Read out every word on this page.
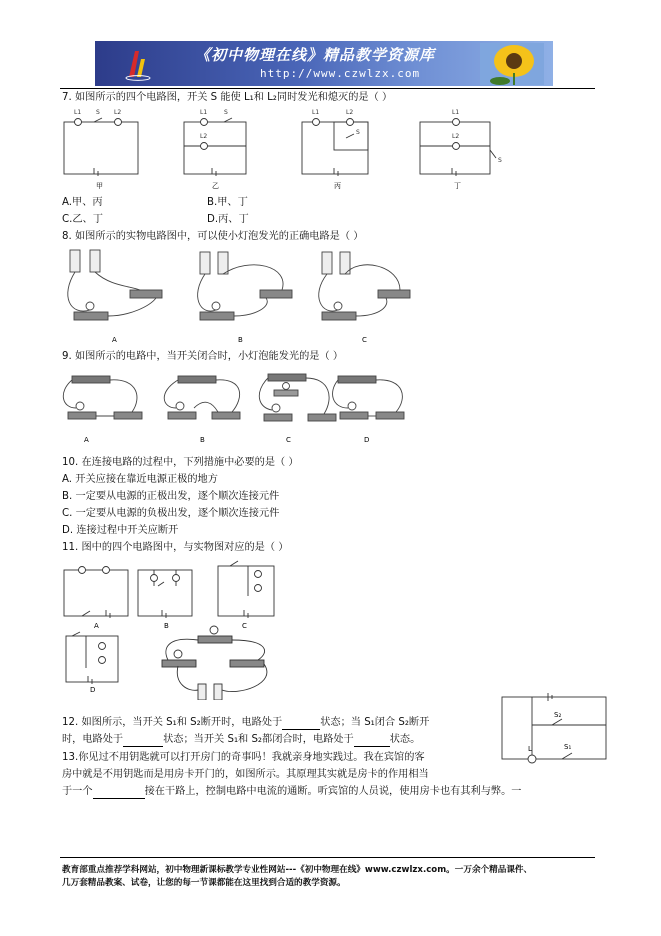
《初中物理在线》精品教学资源库
http://www.czwlzx.com
7. 如图所示的四个电路图，开关 S 能使 L₁和 L₂同时发光和熄灭的是（ ）
L1 S L2	L1	S
L2
L1	L2
S
L1
L2
S
甲	乙	丙	丁
A.甲、丙	B.甲、丁
C.乙、丁	D.丙、丁
8. 如图所示的实物电路图中，可以使小灯泡发光的正确电路是（ ）
A	B	C
9. 如图所示的电路中，当开关闭合时，小灯泡能发光的是（ ）
A	B	C	D
10. 在连接电路的过程中，下列措施中必要的是（ ）
A. 开关应接在靠近电源正极的地方
B. 一定要从电源的正极出发，逐个顺次连接元件
C. 一定要从电源的负极出发，逐个顺次连接元件
D. 连接过程中开关应断开
11. 图中的四个电路图中，与实物图对应的是（ ）
A	B	C
D
12. 如图所示，当开关 S₁和 S₂断开时，电路处于	状态；当 S₁闭合 S₂断开
时，电路处于	状态；当开关 S₁和 S₂都闭合时，电路处于	状态。
S₂
L	S₁
13.你见过不用钥匙就可以打开房门的奇事吗！我就亲身地实践过。我在宾馆的客
房中就是不用钥匙而是用房卡开门的，如图所示。其原理其实就是房卡的作用相当
于一个	接在干路上，控制电路中电流的通断。听宾馆的人员说，使用房卡也有其利与弊。一
教育部重点推荐学科网站，初中物理新课标教学专业性网站---《初中物理在线》www.czwlzx.com。一万余个精品课件、
几万套精品教案、试卷，让您的每一节课都能在这里找到合适的教学资源。
